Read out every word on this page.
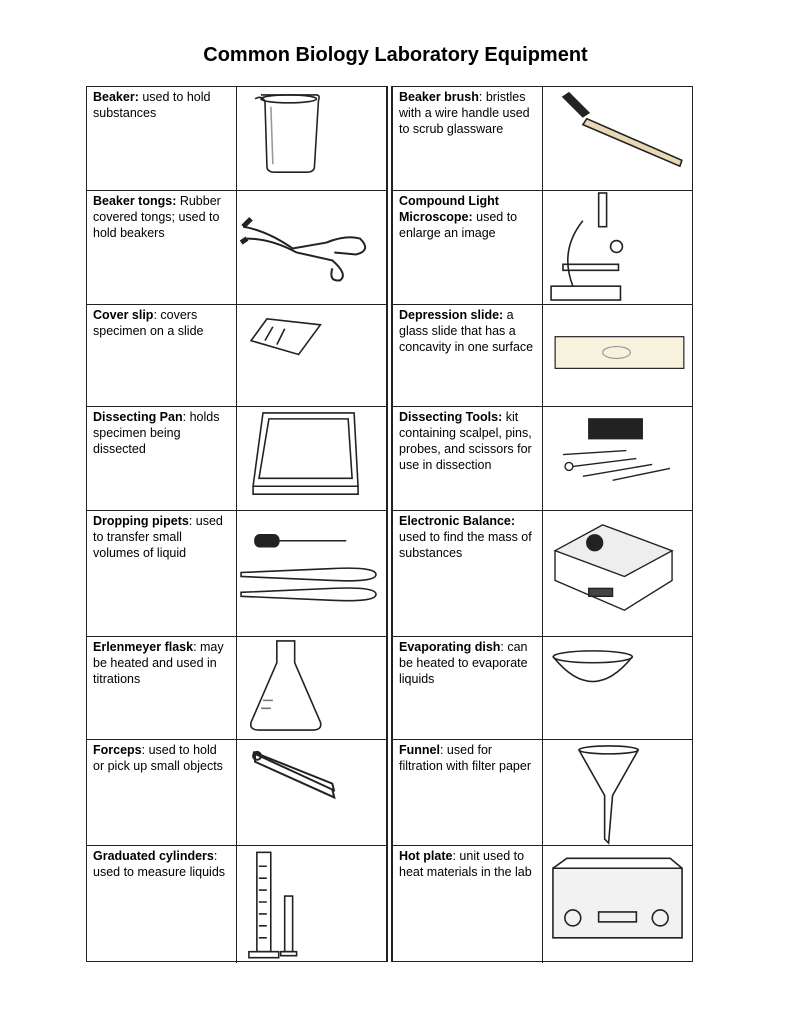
Common Biology Laboratory Equipment
Beaker: used to hold substances
Beaker tongs: Rubber covered tongs; used to hold beakers
Cover slip: covers specimen on a slide
Dissecting Pan: holds specimen being dissected
Dropping pipets: used to transfer small volumes of liquid
Erlenmeyer flask: may be heated and used in titrations
Forceps: used to hold or pick up small objects
Graduated cylinders: used to measure liquids
Beaker brush: bristles with a wire handle used to scrub glassware
Compound Light Microscope: used to enlarge an image
Depression slide: a glass slide that has a concavity in one surface
Dissecting Tools: kit containing scalpel, pins, probes, and scissors for use in dissection
Electronic Balance: used to find the mass of substances
Evaporating dish: can be heated to evaporate liquids
Funnel: used for filtration with filter paper
Hot plate: unit used to heat materials in the lab
